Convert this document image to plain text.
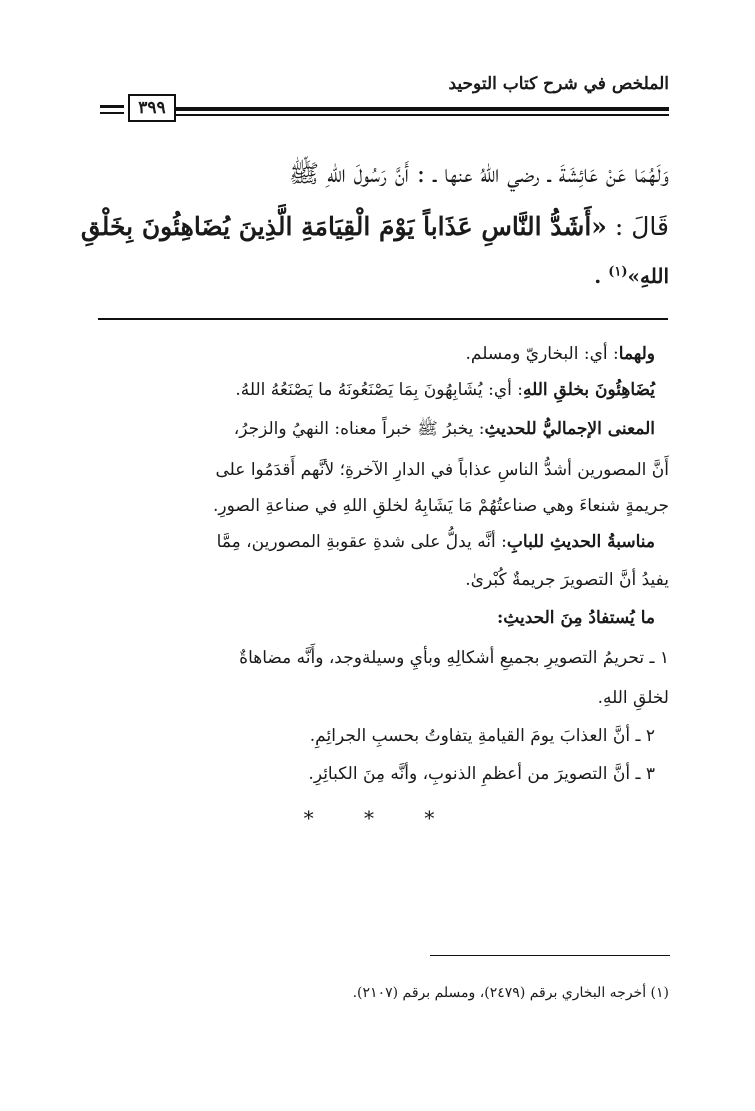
الملخص في شرح كتاب التوحيد
٣٩٩
وَلَهُمَا عَنْ عَائِشَةَ ـ رضي اللهُ عنها ـ : أَنَّ رَسُولَ اللهِ ﷺ
قَالَ : «أَشَدُّ النَّاسِ عَذَاباً يَوْمَ الْقِيَامَةِ الَّذِينَ يُضَاهِئُونَ بِخَلْقِ
اللهِ»$^{(١)}$ .
ولهما: أي: البخاريّ ومسلم.
يُضَاهِئُونَ بخلقِ اللهِ: أي: يُشَابِهُونَ بِمَا يَصْنَعُونَهُ ما يَصْنَعُهُ اللهُ.
المعنى الإجماليُّ للحديثِ: يخبرُ ﷺ خبراً معناه: النهيُ والزجرُ،
أَنَّ المصورين أشدُّ الناسِ عذاباً في الدارِ الآخرةِ؛ لأنَّهم أَقدَمُوا على
جريمةٍ شنعاءَ وهي صناعتُهُمْ مَا يَشَابِهُ لخلقِ اللهِ في صناعةِ الصورِ.
مناسبةُ الحديثِ للبابِ: أنَّه يدلُّ على شدةِ عقوبةِ المصورين، مِمَّا
يفيدُ أنَّ التصويرَ جريمةٌ كُبْرىٰ.
ما يُستفادُ مِنَ الحديثِ:
١ ـ تحريمُ التصويرِ بجميعِ أشكالِهِ وبأيِ وسيلةوجد، وأَنَّه مضاهاةٌ
لخلقِ اللهِ.
٢ ـ أنَّ العذابَ يومَ القيامةِ يتفاوتُ بحسبِ الجرائِمِ.
٣ ـ أنَّ التصويرَ من أعظمِ الذنوبِ، وأنَّه مِنَ الكبائِرِ.
* * *
(١) أخرجه البخاري برقم (٢٤٧٩)، ومسلم برقم (٢١٠٧).
